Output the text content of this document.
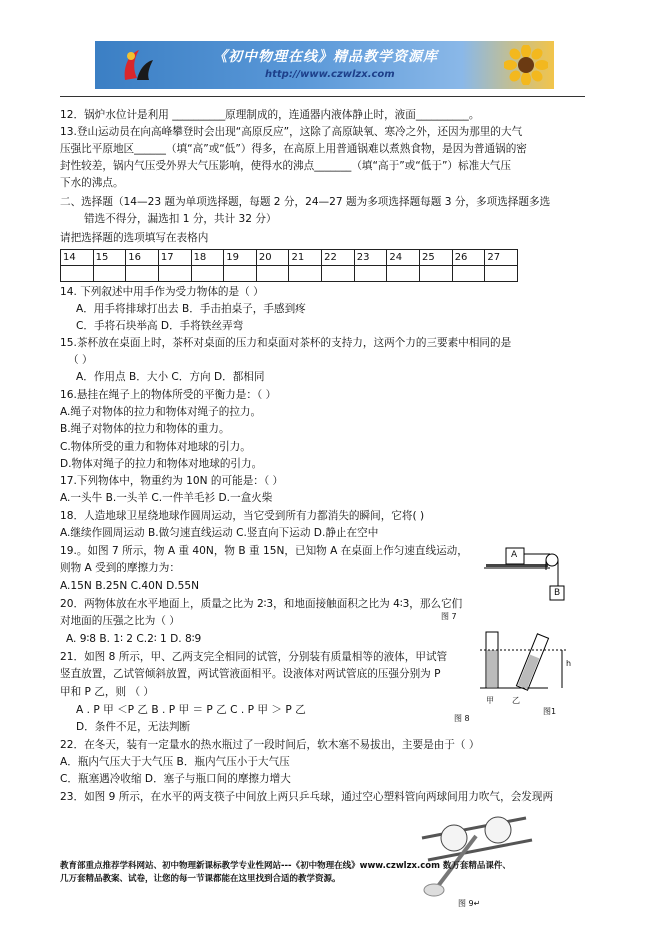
《初中物理在线》精品教学资源库
http://www.czwlzx.com
12．锅炉水位计是利用 __________原理制成的，连通器内液体静止时，液面__________。
13.登山运动员在向高峰攀登时会出现“高原反应”，这除了高原缺氧、寒冷之外，还因为那里的大气
压强比平原地区______（填“高”或“低”）得多，在高原上用普通锅难以煮熟食物，是因为普通锅的密
封性较差，锅内气压受外界大气压影响，使得水的沸点_______（填“高于”或“低于”）标准大气压
下水的沸点。
二、选择题（14—23 题为单项选择题，每题 2 分，24—27 题为多项选择题每题 3 分，多项选择题多选
错选不得分，漏选扣 1 分，共计 32 分）
请把选择题的选项填写在表格内
14	15	16	17	18	19	20	21	22	23	24	25	26	27

14. 下列叙述中用手作为受力物体的是（ ）
A．用手将排球打出去 B．手击拍桌子，手感到疼
C．手将石块举高 D．手将铁丝弄弯
15.茶杯放在桌面上时，茶杯对桌面的压力和桌面对茶杯的支持力，这两个力的三要素中相同的是
（ ）
A．作用点 B．大小 C．方向 D．都相同
16.悬挂在绳子上的物体所受的平衡力是：（ ）
A.绳子对物体的拉力和物体对绳子的拉力。
B.绳子对物体的拉力和物体的重力。
C.物体所受的重力和物体对地球的引力。
D.物体对绳子的拉力和物体对地球的引力。
17.下列物体中，物重约为 10N 的可能是：（ ）
A.一头牛 B.一头羊 C.一件羊毛衫 D.一盒火柴
18．人造地球卫星绕地球作圆周运动，当它受到所有力都消失的瞬间，它将( )
A.继续作圆周运动 B.做匀速直线运动 C.竖直向下运动 D.静止在空中
19.。如图 7 所示，物 A 重 40N，物 B 重 15N，已知物 A 在桌面上作匀速直线运动，
则物 A 受到的摩擦力为：
A.15N B.25N C.40N D.55N
20．两物体放在水平地面上，质量之比为 2∶3，和地面接触面积之比为 4∶3，那么它们
对地面的压强之比为（ ）
A. 9∶8 B. 1∶ 2 C.2∶ 1 D. 8∶9
21．如图 8 所示，甲、乙两支完全相同的试管，分别装有质量相等的液体，甲试管
竖直放置，乙试管倾斜放置，两试管液面相平。设液体对两试管底的压强分别为 P
甲和 P 乙，则 （ ）
A . P 甲 ＜P 乙 B . P 甲 ＝ P 乙 C . P 甲 ＞ P 乙
D．条件不足，无法判断
22．在冬天，装有一定量水的热水瓶过了一段时间后，软木塞不易拔出，主要是由于（ ）
A．瓶内气压大于大气压 B．瓶内气压小于大气压
C．瓶塞遇冷收缩 D．塞子与瓶口间的摩擦力增大
23．如图 9 所示，在水平的两支筷子中间放上两只乒乓球，通过空心塑料管向两球间用力吹气，会发现两
A
B
图 7
h
甲 乙
图1
图 8
图 9↵
教育部重点推荐学科网站、初中物理新课标教学专业性网站---《初中物理在线》www.czwlzx.com 数万套精品课件、
几万套精品教案、试卷，让您的每一节课都能在这里找到合适的教学资源。
